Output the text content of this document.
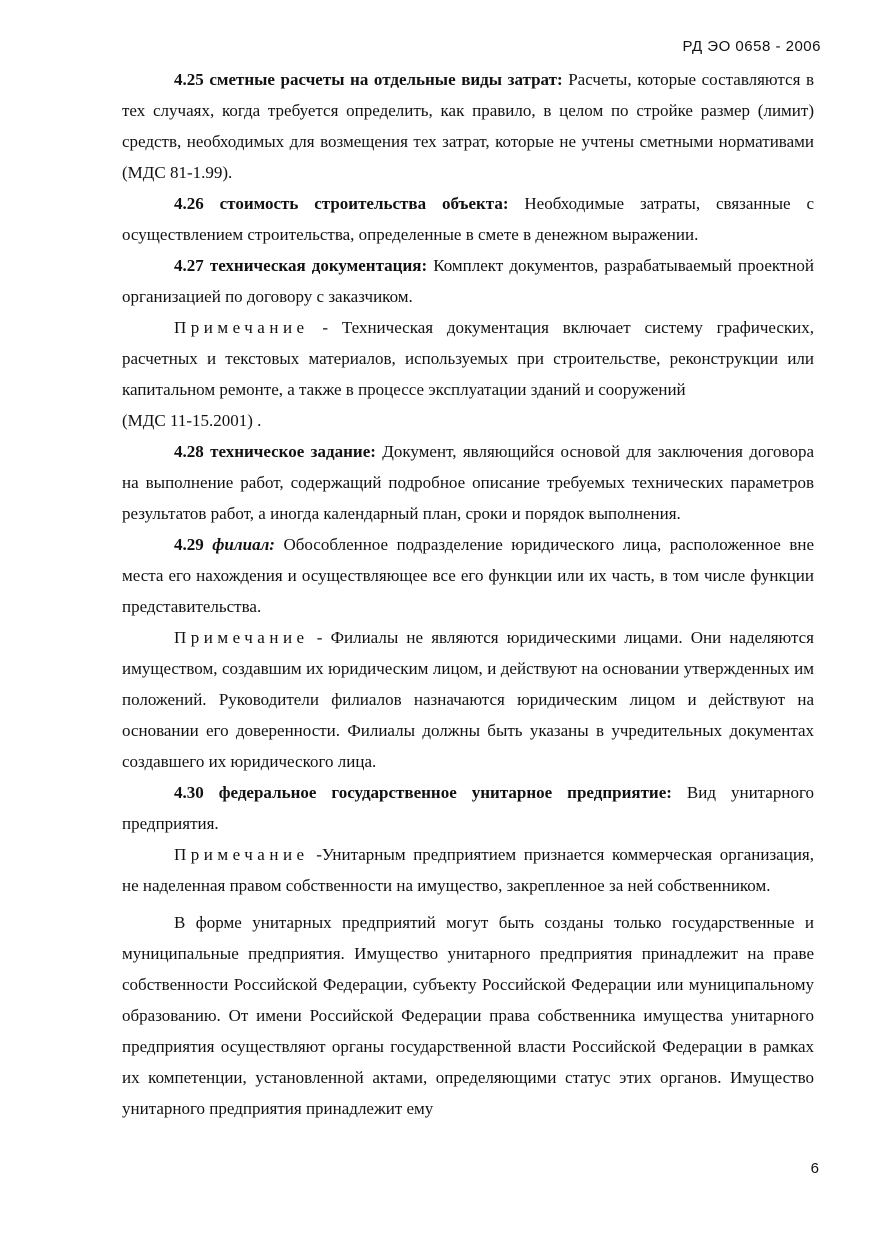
РД ЭО 0658 - 2006

4.25 сметные расчеты на отдельные виды затрат: Расчеты, которые составляются в тех случаях, когда требуется определить, как правило, в целом по стройке размер (лимит) средств, необходимых для возмещения тех затрат, которые не учтены сметными нормативами (МДС 81-1.99).

4.26 стоимость строительства объекта: Необходимые затраты, связанные с осуществлением строительства, определенные в смете в денежном выражении.

4.27 техническая документация: Комплект документов, разрабатываемый проектной организацией по договору с заказчиком.

Примечание - Техническая документация включает систему графических, расчетных и текстовых материалов, используемых при строительстве, реконструкции или капитальном ремонте, а также в процессе эксплуатации зданий и сооружений

(МДС 11-15.2001) .

4.28 техническое задание: Документ, являющийся основой для заключения договора на выполнение работ, содержащий подробное описание требуемых технических параметров результатов работ, а иногда календарный план, сроки и порядок выполнения.

4.29 филиал: Обособленное подразделение юридического лица, расположенное вне места его нахождения и осуществляющее все его функции или их часть, в том числе функции представительства.

Примечание - Филиалы не являются юридическими лицами. Они наделяются имуществом, создавшим их юридическим лицом, и действуют на основании утвержденных им положений. Руководители филиалов назначаются юридическим лицом и действуют на основании его доверенности. Филиалы должны быть указаны в учредительных документах создавшего их юридического лица.

4.30 федеральное государственное унитарное предприятие: Вид унитарного предприятия.

Примечание -Унитарным предприятием признается коммерческая организация, не наделенная правом собственности на имущество, закрепленное за ней собственником.

В форме унитарных предприятий могут быть созданы только государственные и муниципальные предприятия. Имущество унитарного предприятия принадлежит на праве собственности Российской Федерации, субъекту Российской Федерации или муниципальному образованию. От имени Российской Федерации права собственника имущества унитарного предприятия осуществляют органы государственной власти Российской Федерации в рамках их компетенции, установленной актами, определяющими статус этих органов. Имущество унитарного предприятия принадлежит ему

6
